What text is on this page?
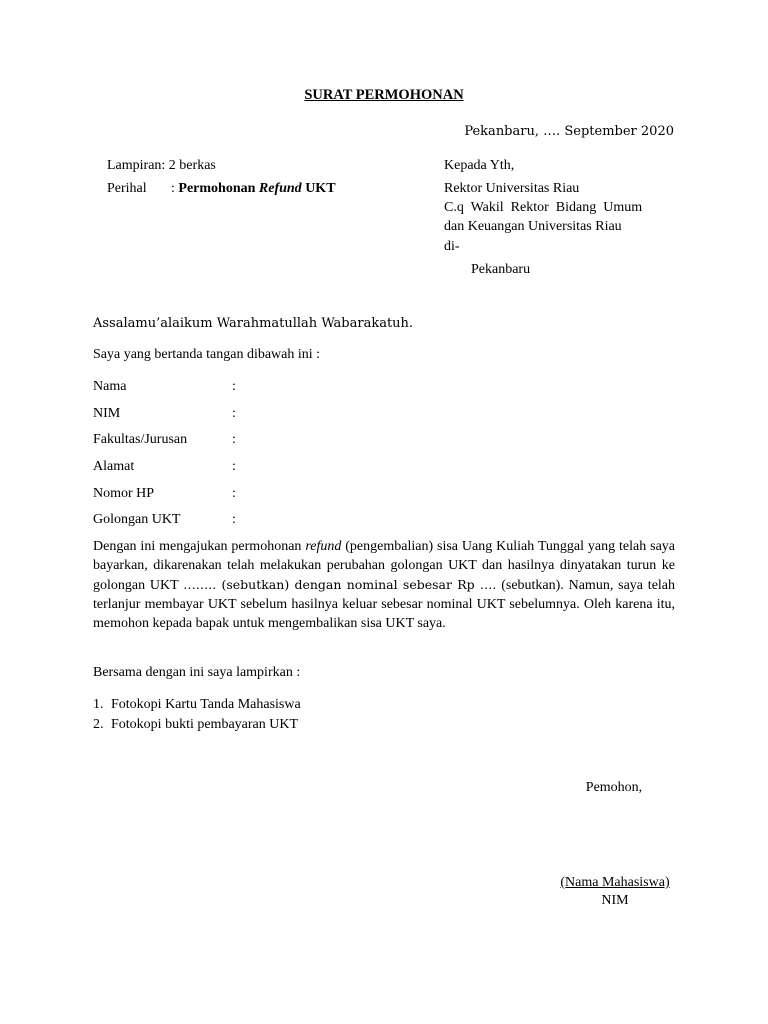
SURAT PERMOHONAN
Pekanbaru, …. September 2020
Lampiran: 2 berkas
Perihal : Permohonan Refund UKT
Kepada Yth,
Rektor Universitas Riau
C.q  Wakil  Rektor  Bidang  Umum
dan Keuangan Universitas Riau
di-
Pekanbaru
Assalamu’alaikum Warahmatullah Wabarakatuh.
Saya yang bertanda tangan dibawah ini :
Nama	:
NIM	:
Fakultas/Jurusan	:
Alamat	:
Nomor HP	:
Golongan UKT	:
Dengan ini mengajukan permohonan refund (pengembalian) sisa Uang Kuliah Tunggal yang telah saya bayarkan, dikarenakan telah melakukan perubahan golongan UKT dan hasilnya dinyatakan turun ke golongan UKT …….. (sebutkan) dengan nominal sebesar Rp …. (sebutkan). Namun, saya telah terlanjur membayar UKT sebelum hasilnya keluar sebesar nominal UKT sebelumnya. Oleh karena itu, memohon kepada bapak untuk mengembalikan sisa UKT saya.
Bersama dengan ini saya lampirkan :
1. Fotokopi Kartu Tanda Mahasiswa
2. Fotokopi bukti pembayaran UKT
Pemohon,
(Nama Mahasiswa)
NIM
